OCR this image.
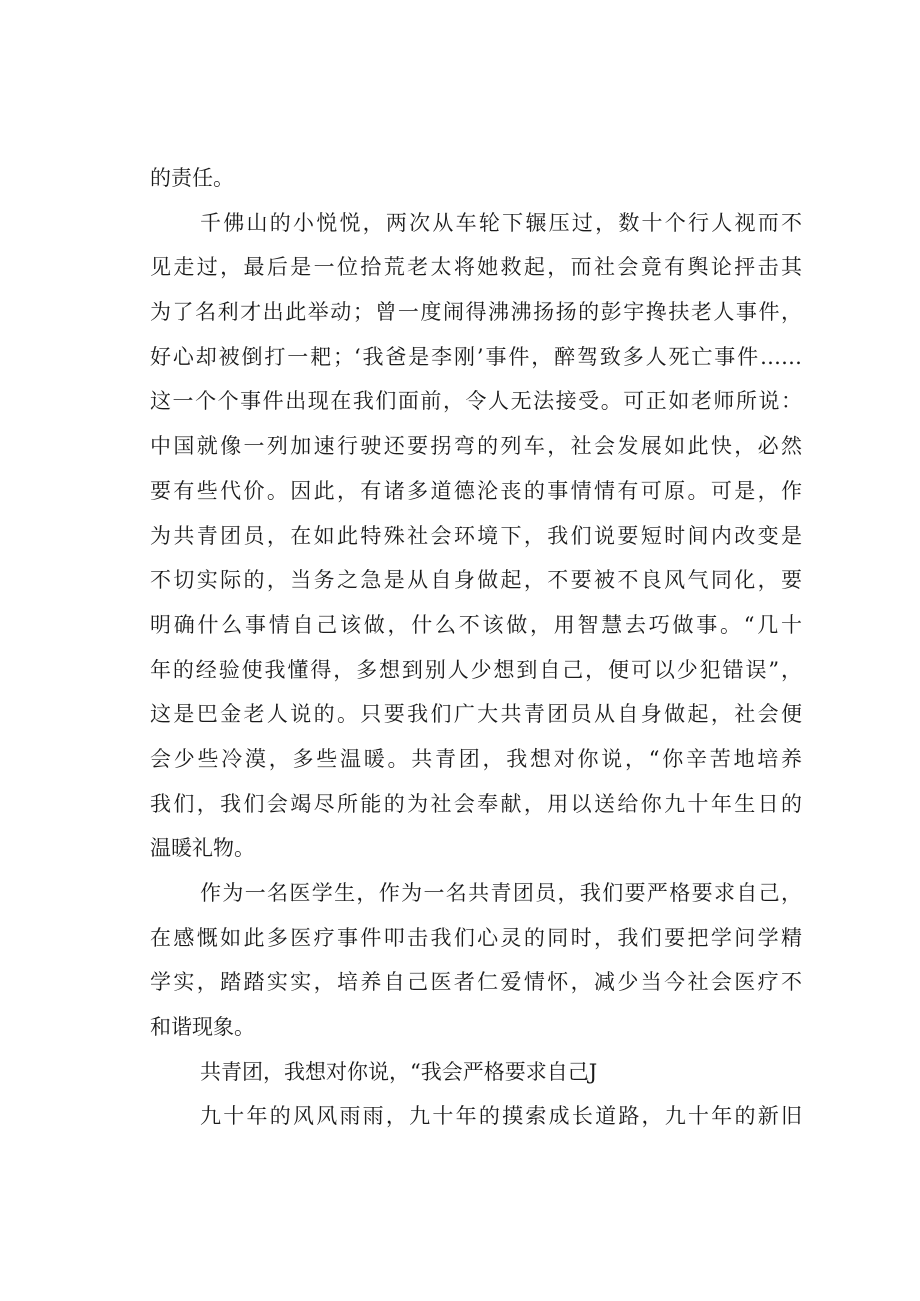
的责任。
千佛山的小悦悦，两次从车轮下辗压过，数十个行人视而不
见走过，最后是一位拾荒老太将她救起，而社会竟有舆论抨击其
为了名利才出此举动；曾一度闹得沸沸扬扬的彭宇搀扶老人事件，
好心却被倒打一耙；‘我爸是李刚’事件，醉驾致多人死亡事件……
这一个个事件出现在我们面前，令人无法接受。可正如老师所说：
中国就像一列加速行驶还要拐弯的列车，社会发展如此快，必然
要有些代价。因此，有诸多道德沦丧的事情情有可原。可是，作
为共青团员，在如此特殊社会环境下，我们说要短时间内改变是
不切实际的，当务之急是从自身做起，不要被不良风气同化，要
明确什么事情自己该做，什么不该做，用智慧去巧做事。“几十
年的经验使我懂得，多想到别人少想到自己，便可以少犯错误”，
这是巴金老人说的。只要我们广大共青团员从自身做起，社会便
会少些冷漠，多些温暖。共青团，我想对你说，“你辛苦地培养
我们，我们会竭尽所能的为社会奉献，用以送给你九十年生日的
温暖礼物。
作为一名医学生，作为一名共青团员，我们要严格要求自己，
在感慨如此多医疗事件叩击我们心灵的同时，我们要把学问学精
学实，踏踏实实，培养自己医者仁爱情怀，减少当今社会医疗不
和谐现象。
共青团，我想对你说，“我会严格要求自己J
九十年的风风雨雨，九十年的摸索成长道路，九十年的新旧
